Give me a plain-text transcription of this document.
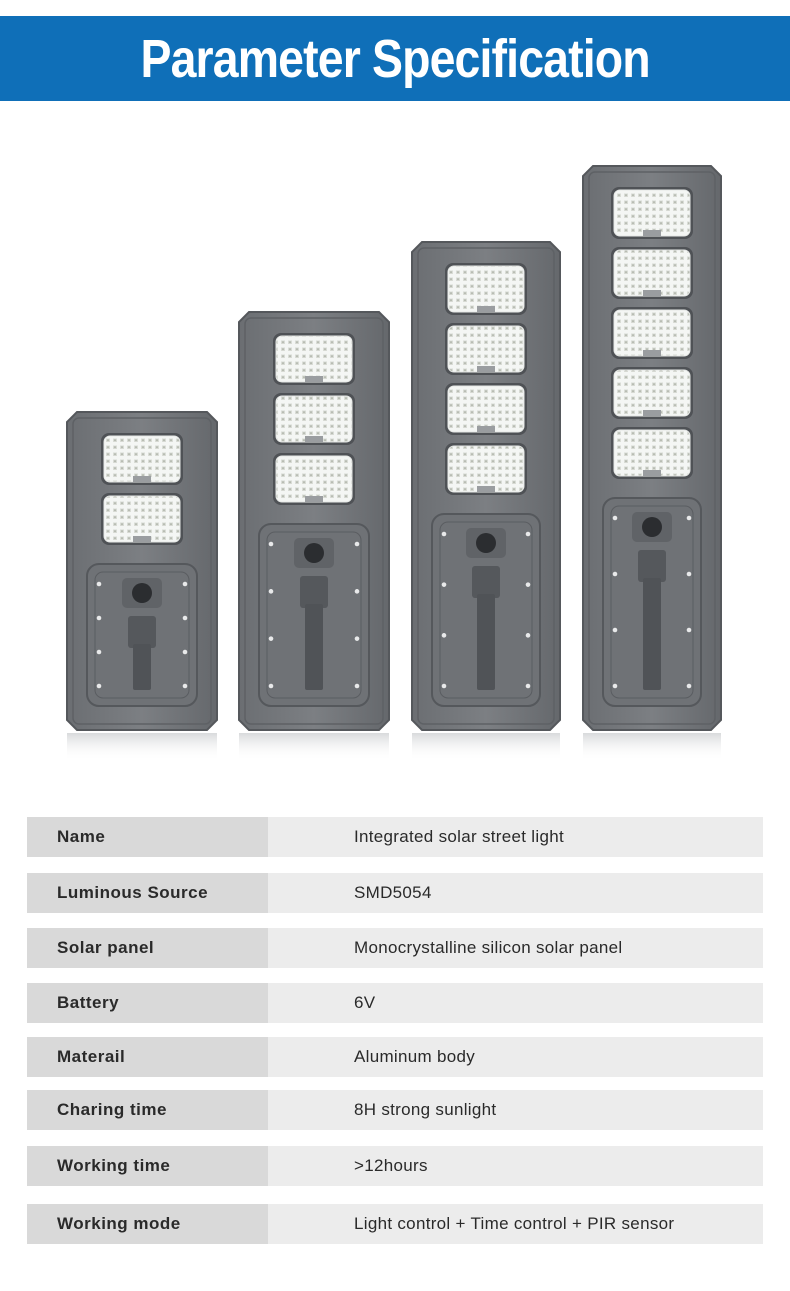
Parameter Specification
Name	Integrated solar street light
Luminous Source	SMD5054
Solar panel	Monocrystalline silicon solar panel
Battery	6V
Materail	Aluminum body
Charing time	8H strong sunlight
Working time	>12hours
Working mode	Light control + Time control + PIR sensor
